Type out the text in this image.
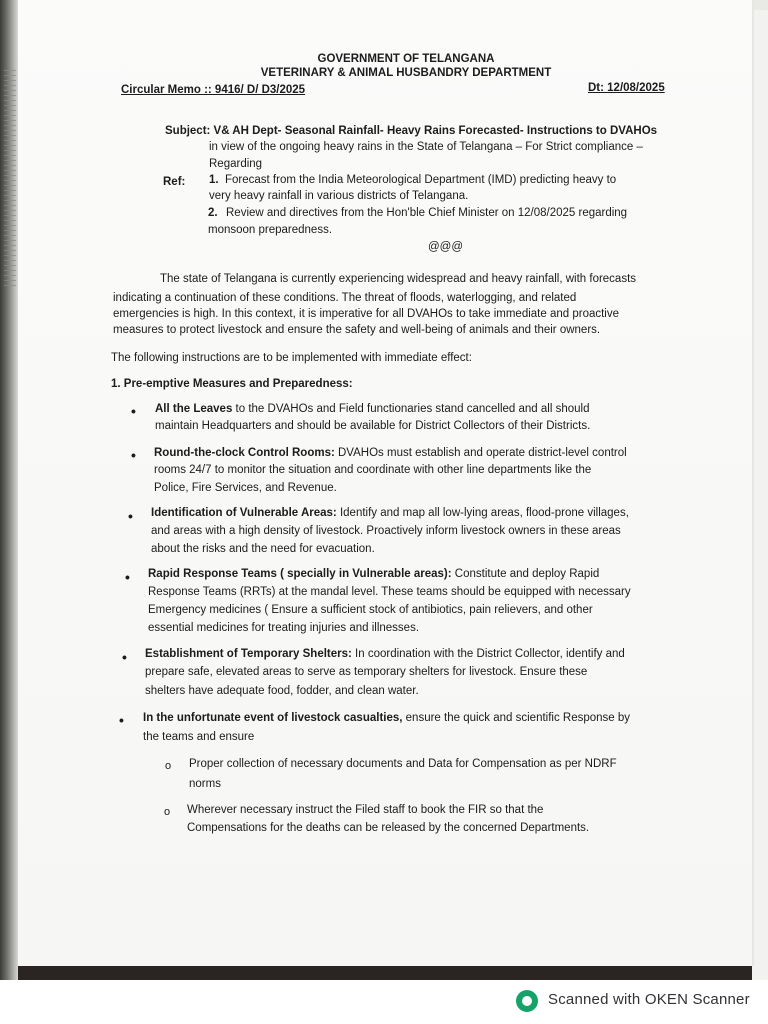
GOVERNMENT OF TELANGANA
VETERINARY & ANIMAL HUSBANDRY DEPARTMENT
Circular Memo :: 9416/ D/ D3/2025	Dt: 12/08/2025
Subject: V& AH Dept- Seasonal Rainfall- Heavy Rains Forecasted- Instructions to DVAHOs
in view of the ongoing heavy rains in the State of Telangana – For Strict compliance –
Regarding
Ref: 1. Forecast from the India Meteorological Department (IMD) predicting heavy to
very heavy rainfall in various districts of Telangana.
2. Review and directives from the Hon'ble Chief Minister on 12/08/2025 regarding
monsoon preparedness.
@@@
The state of Telangana is currently experiencing widespread and heavy rainfall, with forecasts
indicating a continuation of these conditions. The threat of floods, waterlogging, and related
emergencies is high. In this context, it is imperative for all DVAHOs to take immediate and proactive
measures to protect livestock and ensure the safety and well-being of animals and their owners.
The following instructions are to be implemented with immediate effect:
1. Pre-emptive Measures and Preparedness:
• All the Leaves to the DVAHOs and Field functionaries stand cancelled and all should
maintain Headquarters and should be available for District Collectors of their Districts.
• Round-the-clock Control Rooms: DVAHOs must establish and operate district-level control
rooms 24/7 to monitor the situation and coordinate with other line departments like the
Police, Fire Services, and Revenue.
• Identification of Vulnerable Areas: Identify and map all low-lying areas, flood-prone villages,
and areas with a high density of livestock. Proactively inform livestock owners in these areas
about the risks and the need for evacuation.
• Rapid Response Teams ( specially in Vulnerable areas): Constitute and deploy Rapid
Response Teams (RRTs) at the mandal level. These teams should be equipped with necessary
Emergency medicines ( Ensure a sufficient stock of antibiotics, pain relievers, and other
essential medicines for treating injuries and illnesses.
• Establishment of Temporary Shelters: In coordination with the District Collector, identify and
prepare safe, elevated areas to serve as temporary shelters for livestock. Ensure these
shelters have adequate food, fodder, and clean water.
• In the unfortunate event of livestock casualties, ensure the quick and scientific Response by
the teams and ensure
o Proper collection of necessary documents and Data for Compensation as per NDRF
norms
o Wherever necessary instruct the Filed staff to book the FIR so that the
Compensations for the deaths can be released by the concerned Departments.
Scanned with OKEN Scanner
